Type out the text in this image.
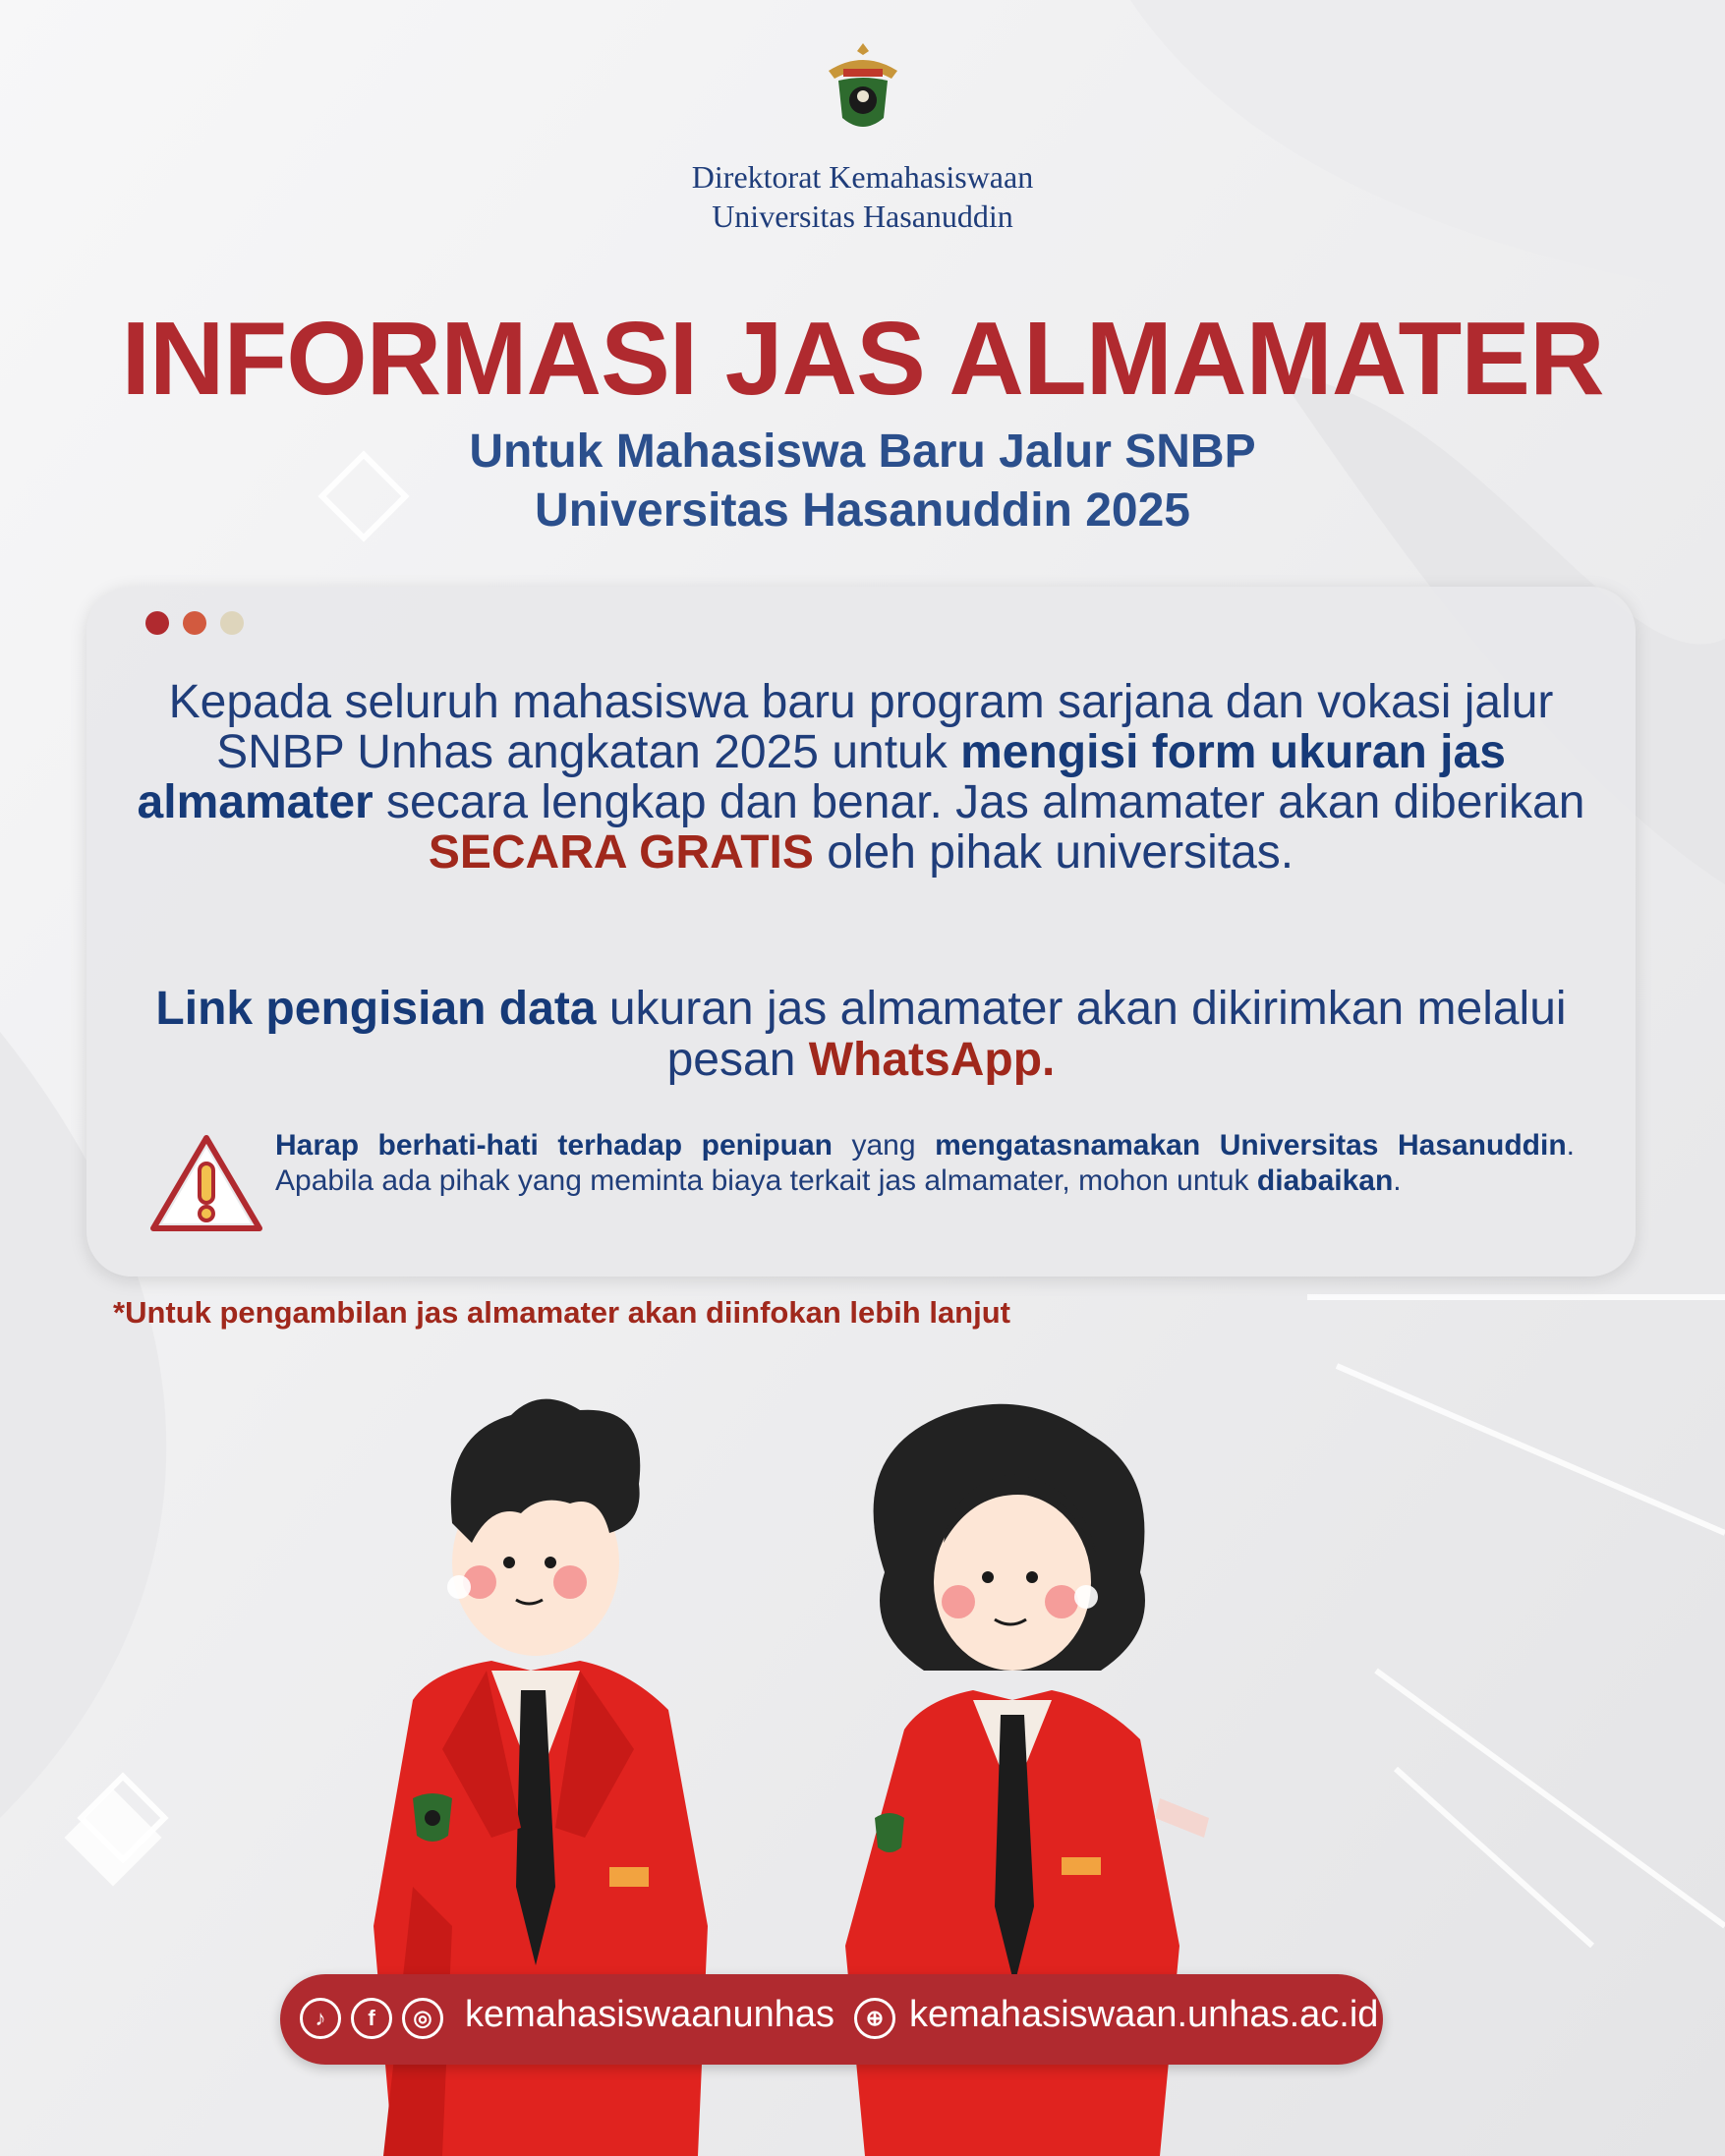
Direktorat Kemahasiswaan
Universitas Hasanuddin
INFORMASI JAS ALMAMATER
Untuk Mahasiswa Baru Jalur SNBP
Universitas Hasanuddin 2025
Kepada seluruh mahasiswa baru program sarjana dan vokasi jalur SNBP Unhas angkatan 2025 untuk mengisi form ukuran jas almamater secara lengkap dan benar. Jas almamater akan diberikan SECARA GRATIS oleh pihak universitas.
Link pengisian data ukuran jas almamater akan dikirimkan melalui pesan WhatsApp.
Harap berhati-hati terhadap penipuan yang mengatasnamakan Universitas Hasanuddin. Apabila ada pihak yang meminta biaya terkait jas almamater, mohon untuk diabaikan.
*Untuk pengambilan jas almamater akan diinfokan lebih lanjut
♪	f	◎ kemahasiswaanunhas	⊕ kemahasiswaan.unhas.ac.id
